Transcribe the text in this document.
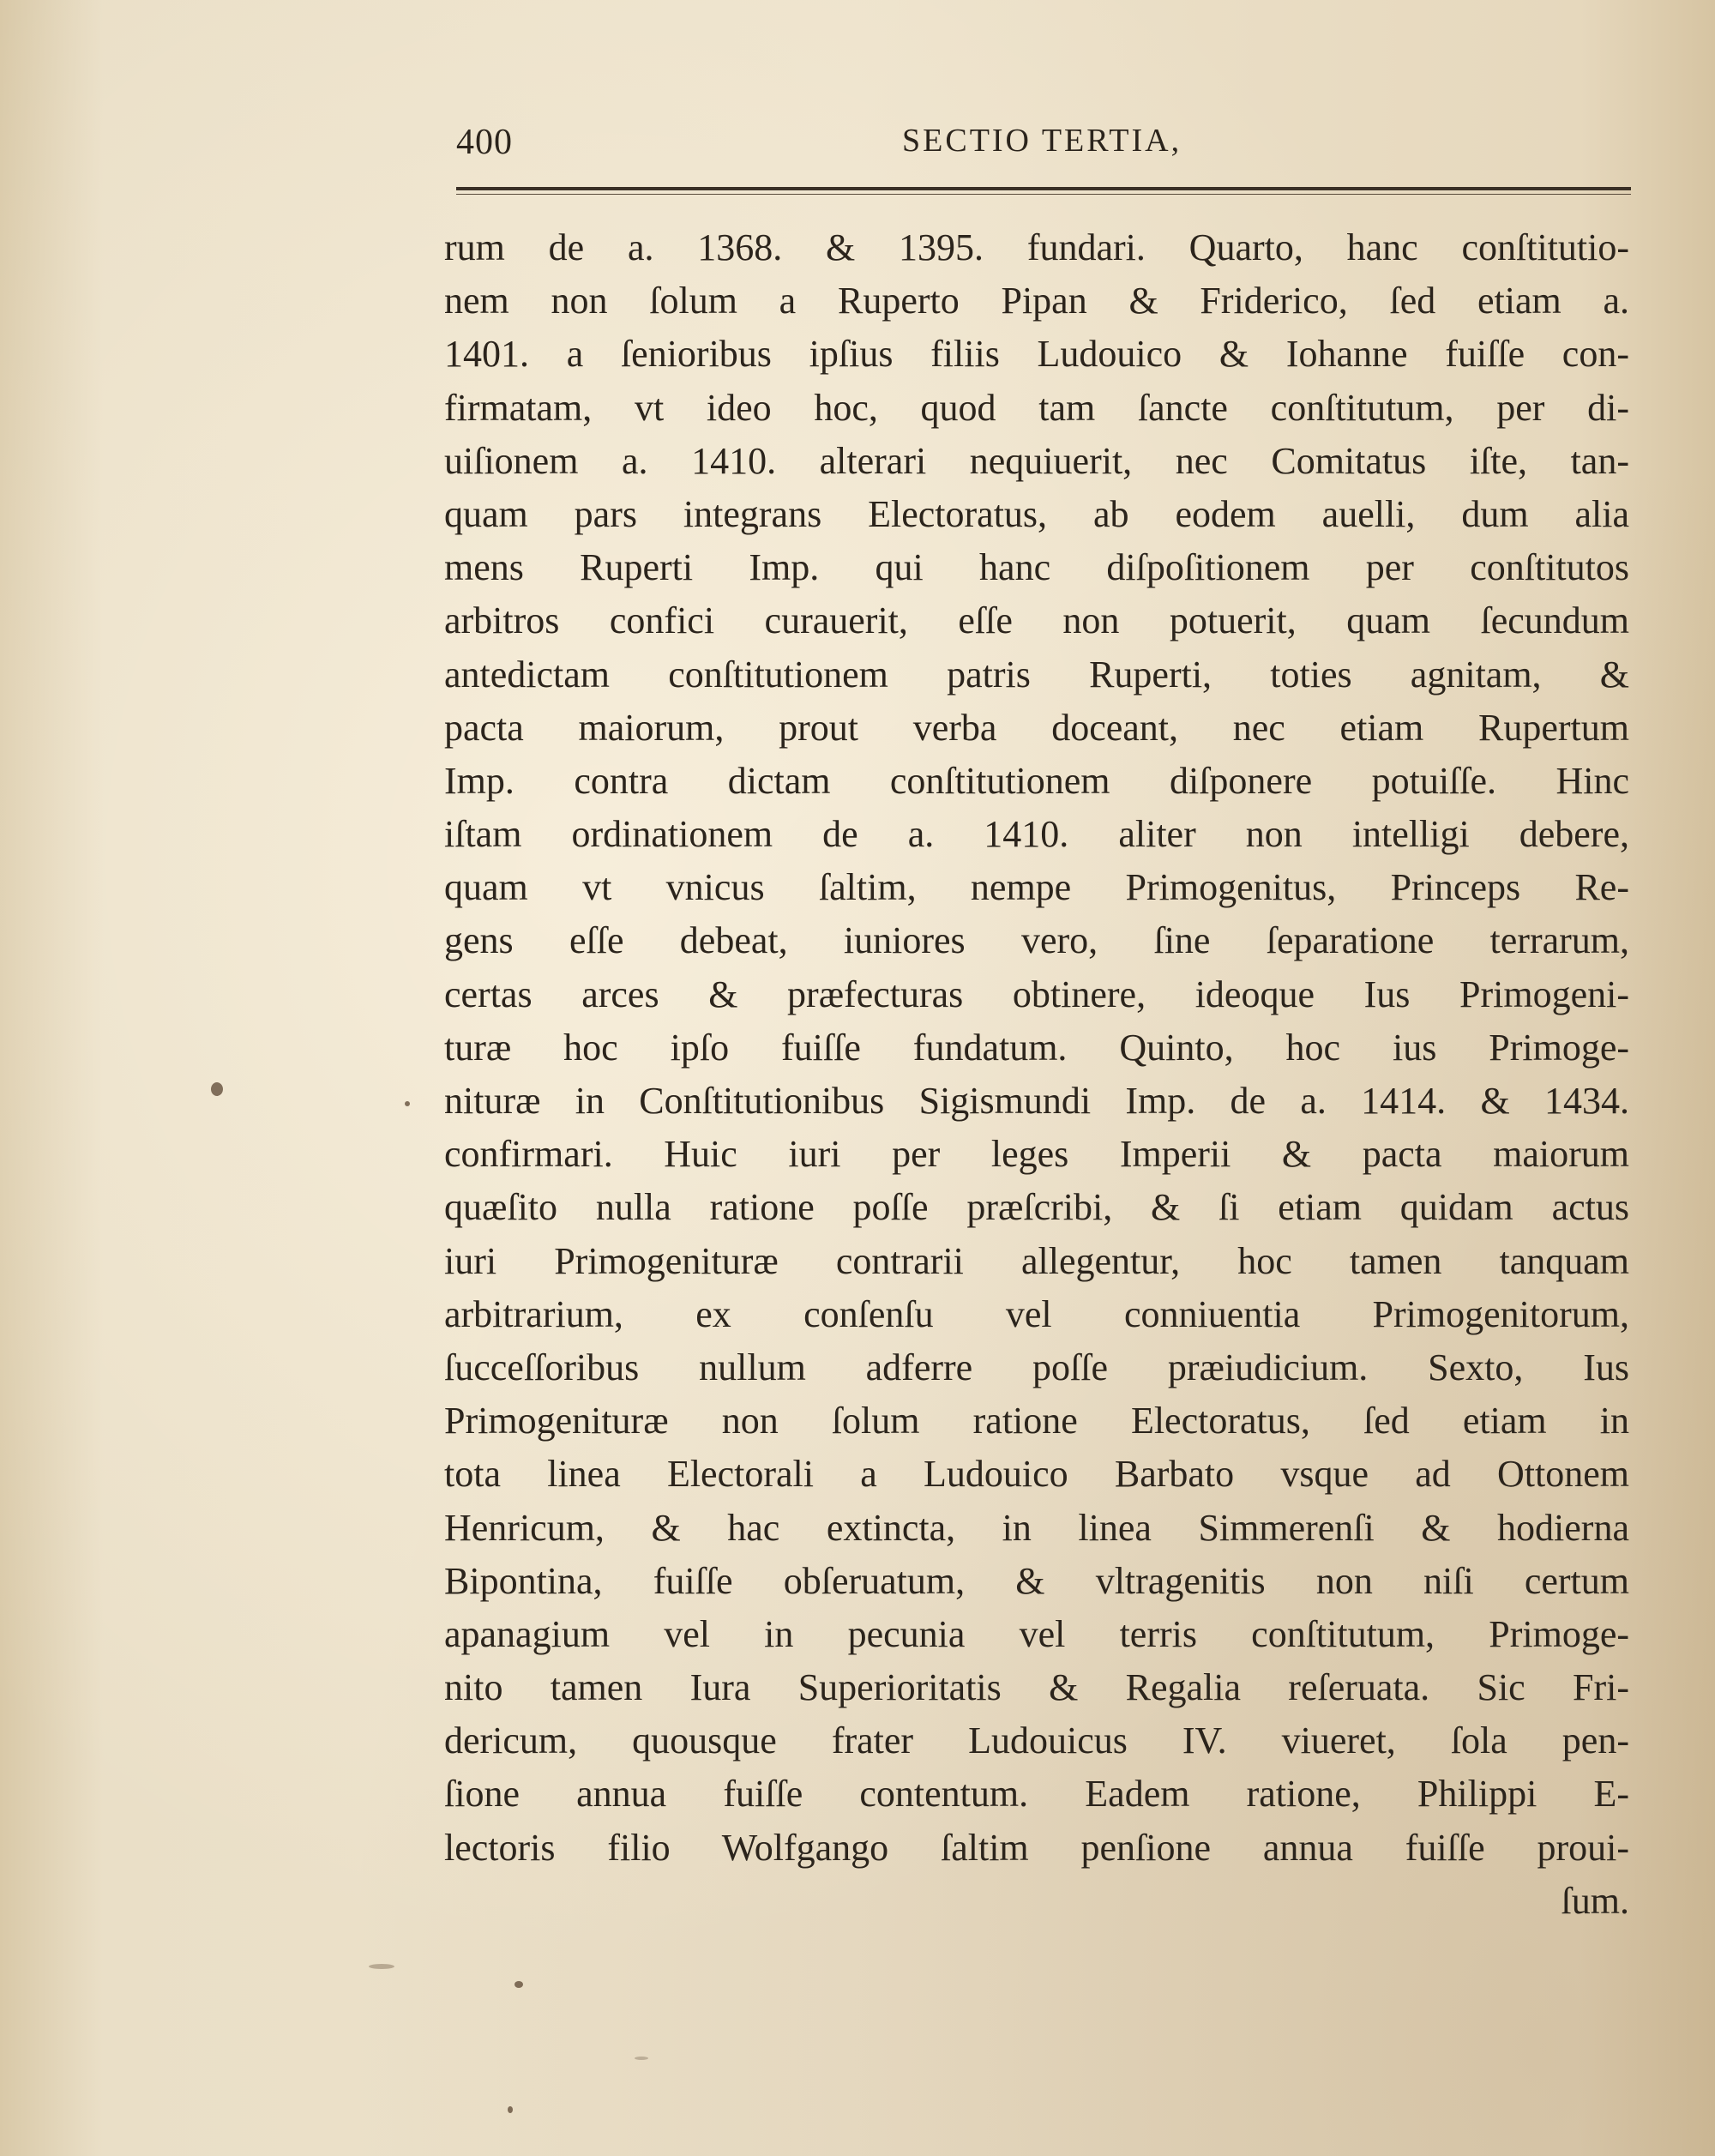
400	SECTIO TERTIA,
rum de a. 1368. & 1395. fundari. Quarto, hanc conſtitutio-
nem non ſolum a Ruperto Pipan & Friderico, ſed etiam a.
1401. a ſenioribus ipſius filiis Ludouico & Iohanne fuiſſe con-
firmatam, vt ideo hoc, quod tam ſancte conſtitutum, per di-
uiſionem a. 1410. alterari nequiuerit, nec Comitatus iſte, tan-
quam pars integrans Electoratus, ab eodem auelli, dum alia
mens Ruperti Imp. qui hanc diſpoſitionem per conſtitutos
arbitros confici curauerit, eſſe non potuerit, quam ſecundum
antedictam conſtitutionem patris Ruperti, toties agnitam, &
pacta maiorum, prout verba doceant, nec etiam Rupertum
Imp. contra dictam conſtitutionem diſponere potuiſſe. Hinc
iſtam ordinationem de a. 1410. aliter non intelligi debere,
quam vt vnicus ſaltim, nempe Primogenitus, Princeps Re-
gens eſſe debeat, iuniores vero, ſine ſeparatione terrarum,
certas arces & præfecturas obtinere, ideoque Ius Primogeni-
turæ hoc ipſo fuiſſe fundatum. Quinto, hoc ius Primoge-
nituræ in Conſtitutionibus Sigismundi Imp. de a. 1414. & 1434.
confirmari. Huic iuri per leges Imperii & pacta maiorum
quæſito nulla ratione poſſe præſcribi, & ſi etiam quidam actus
iuri Primogenituræ contrarii allegentur, hoc tamen tanquam
arbitrarium, ex conſenſu vel conniuentia Primogenitorum,
ſucceſſoribus nullum adferre poſſe præiudicium. Sexto, Ius
Primogenituræ non ſolum ratione Electoratus, ſed etiam in
tota linea Electorali a Ludouico Barbato vsque ad Ottonem
Henricum, & hac extincta, in linea Simmerenſi & hodierna
Bipontina, fuiſſe obſeruatum, & vltragenitis non niſi certum
apanagium vel in pecunia vel terris conſtitutum, Primoge-
nito tamen Iura Superioritatis & Regalia reſeruata. Sic Fri-
dericum, quousque frater Ludouicus IV. viueret, ſola pen-
ſione annua fuiſſe contentum. Eadem ratione, Philippi E-
lectoris filio Wolfgango ſaltim penſione annua fuiſſe proui-
ſum.
